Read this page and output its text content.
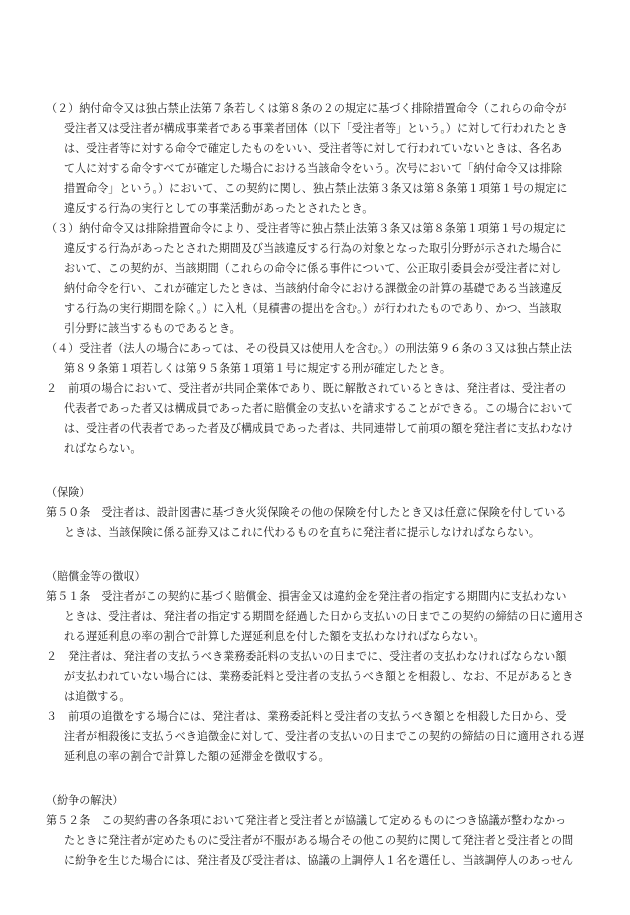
（２）納付命令又は独占禁止法第７条若しくは第８条の２の規定に基づく排除措置命令（これらの命令が
受注者又は受注者が構成事業者である事業者団体（以下「受注者等」という。）に対して行われたとき
は、受注者等に対する命令で確定したものをいい、受注者等に対して行われていないときは、各名あ
て人に対する命令すべてが確定した場合における当該命令をいう。次号において「納付命令又は排除
措置命令」という。）において、この契約に関し、独占禁止法第３条又は第８条第１項第１号の規定に
違反する行為の実行としての事業活動があったとされたとき。
（３）納付命令又は排除措置命令により、受注者等に独占禁止法第３条又は第８条第１項第１号の規定に
違反する行為があったとされた期間及び当該違反する行為の対象となった取引分野が示された場合に
おいて、この契約が、当該期間（これらの命令に係る事件について、公正取引委員会が受注者に対し
納付命令を行い、これが確定したときは、当該納付命令における課徴金の計算の基礎である当該違反
する行為の実行期間を除く。）に入札（見積書の提出を含む。）が行われたものであり、かつ、当該取
引分野に該当するものであるとき。
（４）受注者（法人の場合にあっては、その役員又は使用人を含む。）の刑法第９６条の３又は独占禁止法
第８９条第１項若しくは第９５条第１項第１号に規定する刑が確定したとき。
２　前項の場合において、受注者が共同企業体であり、既に解散されているときは、発注者は、受注者の
代表者であった者又は構成員であった者に賠償金の支払いを請求することができる。この場合において
は、受注者の代表者であった者及び構成員であった者は、共同連帯して前項の額を発注者に支払わなけ
ればならない。
（保険）
第５０条　受注者は、設計図書に基づき火災保険その他の保険を付したとき又は任意に保険を付している
ときは、当該保険に係る証券又はこれに代わるものを直ちに発注者に提示しなければならない。
（賠償金等の徴収）
第５１条　受注者がこの契約に基づく賠償金、損害金又は違約金を発注者の指定する期間内に支払わない
ときは、受注者は、発注者の指定する期間を経過した日から支払いの日までこの契約の締結の日に適用さ
れる遅延利息の率の割合で計算した遅延利息を付した額を支払わなければならない。
２　発注者は、発注者の支払うべき業務委託料の支払いの日までに、受注者の支払わなければならない額
が支払われていない場合には、業務委託料と受注者の支払うべき額とを相殺し、なお、不足があるとき
は追徴する。
３　前項の追徴をする場合には、発注者は、業務委託料と受注者の支払うべき額とを相殺した日から、受
注者が相殺後に支払うべき追徴金に対して、受注者の支払いの日までこの契約の締結の日に適用される遅
延利息の率の割合で計算した額の延滞金を徴収する。
（紛争の解決）
第５２条　この契約書の各条項において発注者と受注者とが協議して定めるものにつき協議が整わなかっ
たときに発注者が定めたものに受注者が不服がある場合その他この契約に関して発注者と受注者との間
に紛争を生じた場合には、発注者及び受注者は、協議の上調停人１名を選任し、当該調停人のあっせん
